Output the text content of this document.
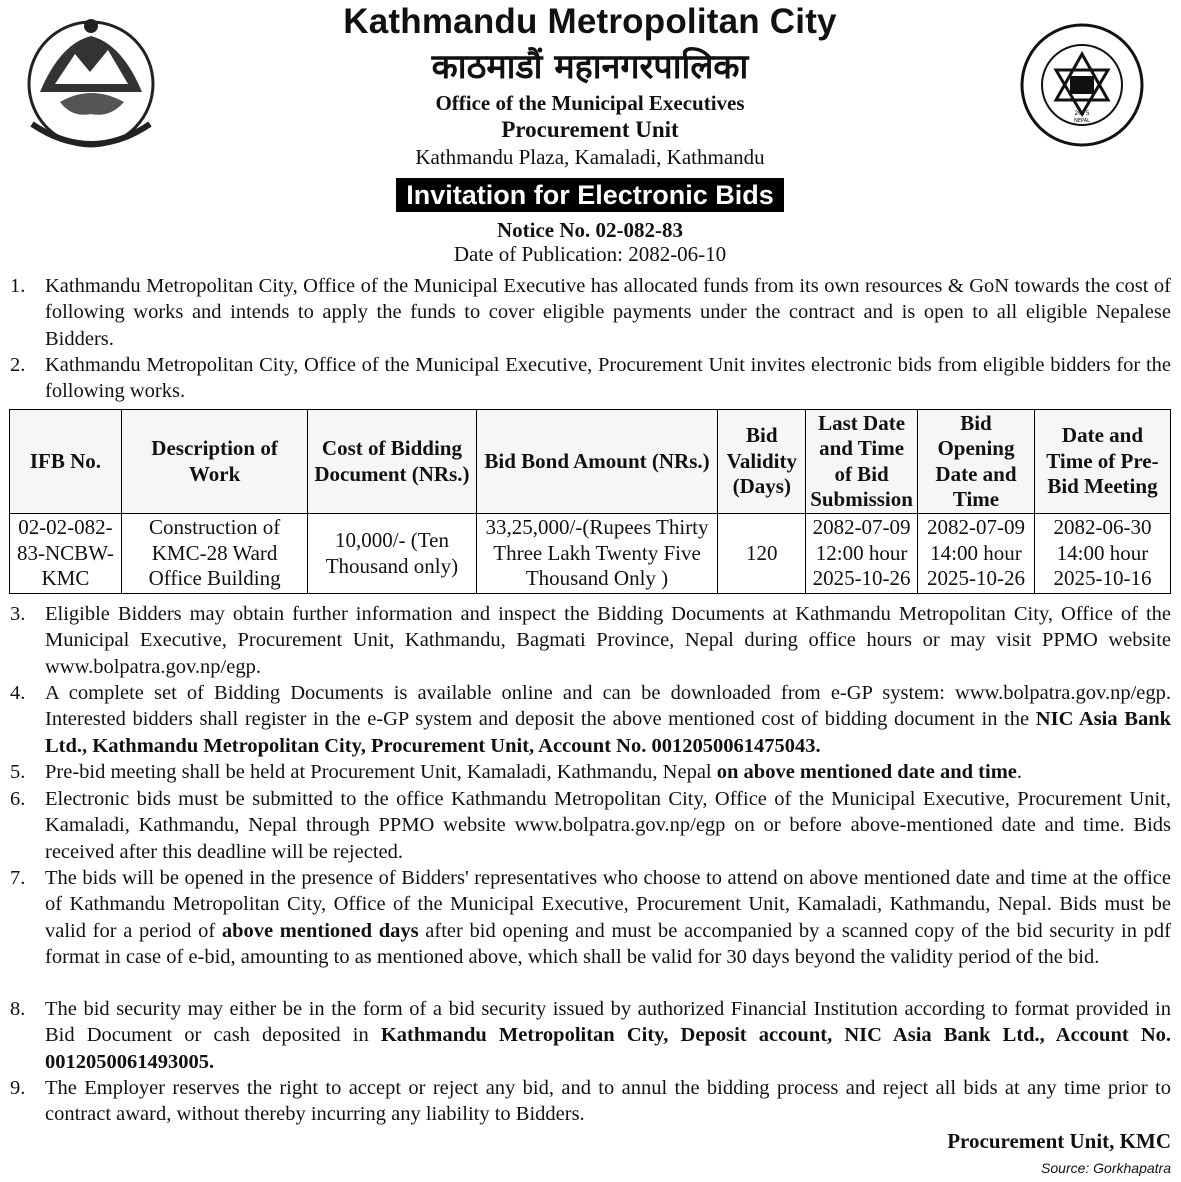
2075
NEPAL
Kathmandu Metropolitan City
काठमाडौं महानगरपालिका
Office of the Municipal Executives
Procurement Unit
Kathmandu Plaza, Kamaladi, Kathmandu
Invitation for Electronic Bids
Notice No. 02-082-83
Date of Publication: 2082-06-10
1. Kathmandu Metropolitan City, Office of the Municipal Executive has allocated funds from its own resources & GoN towards the cost of following works and intends to apply the funds to cover eligible payments under the contract and is open to all eligible Nepalese Bidders.
2. Kathmandu Metropolitan City, Office of the Municipal Executive, Procurement Unit invites electronic bids from eligible bidders for the following works.
IFB No.	Description of Work	Cost of Bidding Document (NRs.)	Bid Bond Amount (NRs.)	Bid Validity (Days)	Last Date and Time of Bid Submission	Bid Opening Date and Time	Date and Time of Pre-Bid Meeting
02-02-082-83-NCBW-KMC	Construction of KMC-28 Ward Office Building	10,000/- (Ten Thousand only)	33,25,000/-(Rupees Thirty Three Lakh Twenty Five Thousand Only )	120	2082-07-09 12:00 hour 2025-10-26	2082-07-09 14:00 hour 2025-10-26	2082-06-30 14:00 hour 2025-10-16
3. Eligible Bidders may obtain further information and inspect the Bidding Documents at Kathmandu Metropolitan City, Office of the Municipal Executive, Procurement Unit, Kathmandu, Bagmati Province, Nepal during office hours or may visit PPMO website www.bolpatra.gov.np/egp.
4. A complete set of Bidding Documents is available online and can be downloaded from e-GP system: www.bolpatra.gov.np/egp. Interested bidders shall register in the e-GP system and deposit the above mentioned cost of bidding document in the NIC Asia Bank Ltd., Kathmandu Metropolitan City, Procurement Unit, Account No. 0012050061475043.
5. Pre-bid meeting shall be held at Procurement Unit, Kamaladi, Kathmandu, Nepal on above mentioned date and time.
6. Electronic bids must be submitted to the office Kathmandu Metropolitan City, Office of the Municipal Executive, Procurement Unit, Kamaladi, Kathmandu, Nepal through PPMO website www.bolpatra.gov.np/egp on or before above-mentioned date and time. Bids received after this deadline will be rejected.
7. The bids will be opened in the presence of Bidders' representatives who choose to attend on above mentioned date and time at the office of Kathmandu Metropolitan City, Office of the Municipal Executive, Procurement Unit, Kamaladi, Kathmandu, Nepal. Bids must be valid for a period of above mentioned days after bid opening and must be accompanied by a scanned copy of the bid security in pdf format in case of e-bid, amounting to as mentioned above, which shall be valid for 30 days beyond the validity period of the bid.
8. The bid security may either be in the form of a bid security issued by authorized Financial Institution according to format provided in Bid Document or cash deposited in Kathmandu Metropolitan City, Deposit account, NIC Asia Bank Ltd., Account No. 0012050061493005.
9. The Employer reserves the right to accept or reject any bid, and to annul the bidding process and reject all bids at any time prior to contract award, without thereby incurring any liability to Bidders.
Procurement Unit, KMC
Source: Gorkhapatra
